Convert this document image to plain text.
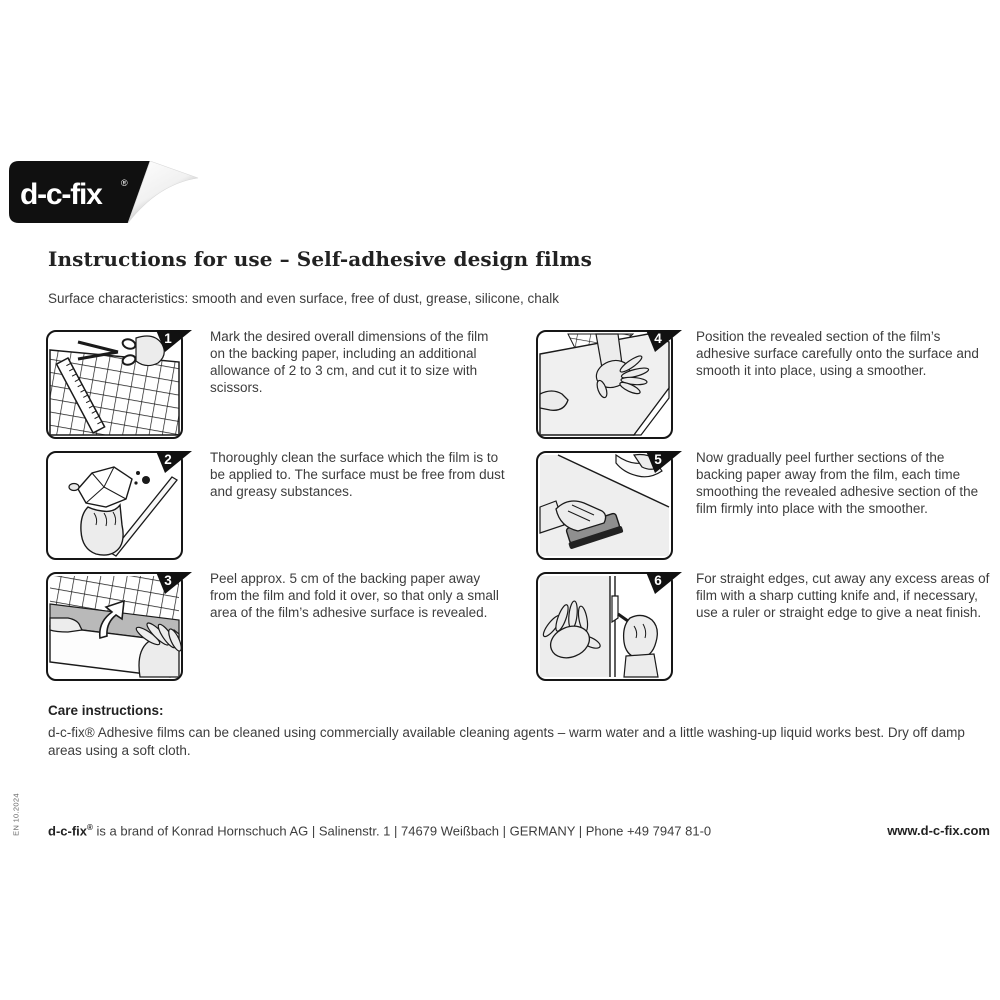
d-c-fix ®
Instructions for use – Self-adhesive design films
Surface characteristics: smooth and even surface, free of dust, grease, silicone, chalk
1	Mark the desired overall dimensions of the film on the backing paper, including an additional allowance of 2 to 3 cm, and cut it to size with scissors.
4	Position the revealed section of the film’s adhesive surface carefully onto the surface and smooth it into place, using a smoother.
2	Thoroughly clean the surface which the film is to be applied to. The surface must be free from dust and greasy substances.
5	Now gradually peel further sections of the backing paper away from the film, each time smoothing the revealed adhesive section of the film firmly into place with the smoother.
3	Peel approx. 5 cm of the backing paper away from the film and fold it over, so that only a small area of the film’s adhesive surface is revealed.
6	For straight edges, cut away any excess areas of film with a sharp cutting knife and, if necessary, use a ruler or straight edge to give a neat finish.
Care instructions:
d-c-fix® Adhesive films can be cleaned using commercially available cleaning agents – warm water and a little washing-up liquid works best. Dry off damp areas using a soft cloth.
d-c-fix® is a brand of Konrad Hornschuch AG | Salinenstr. 1 | 74679 Weißbach | GERMANY | Phone +49 7947 81-0	www.d-c-fix.com
EN 10.2024
